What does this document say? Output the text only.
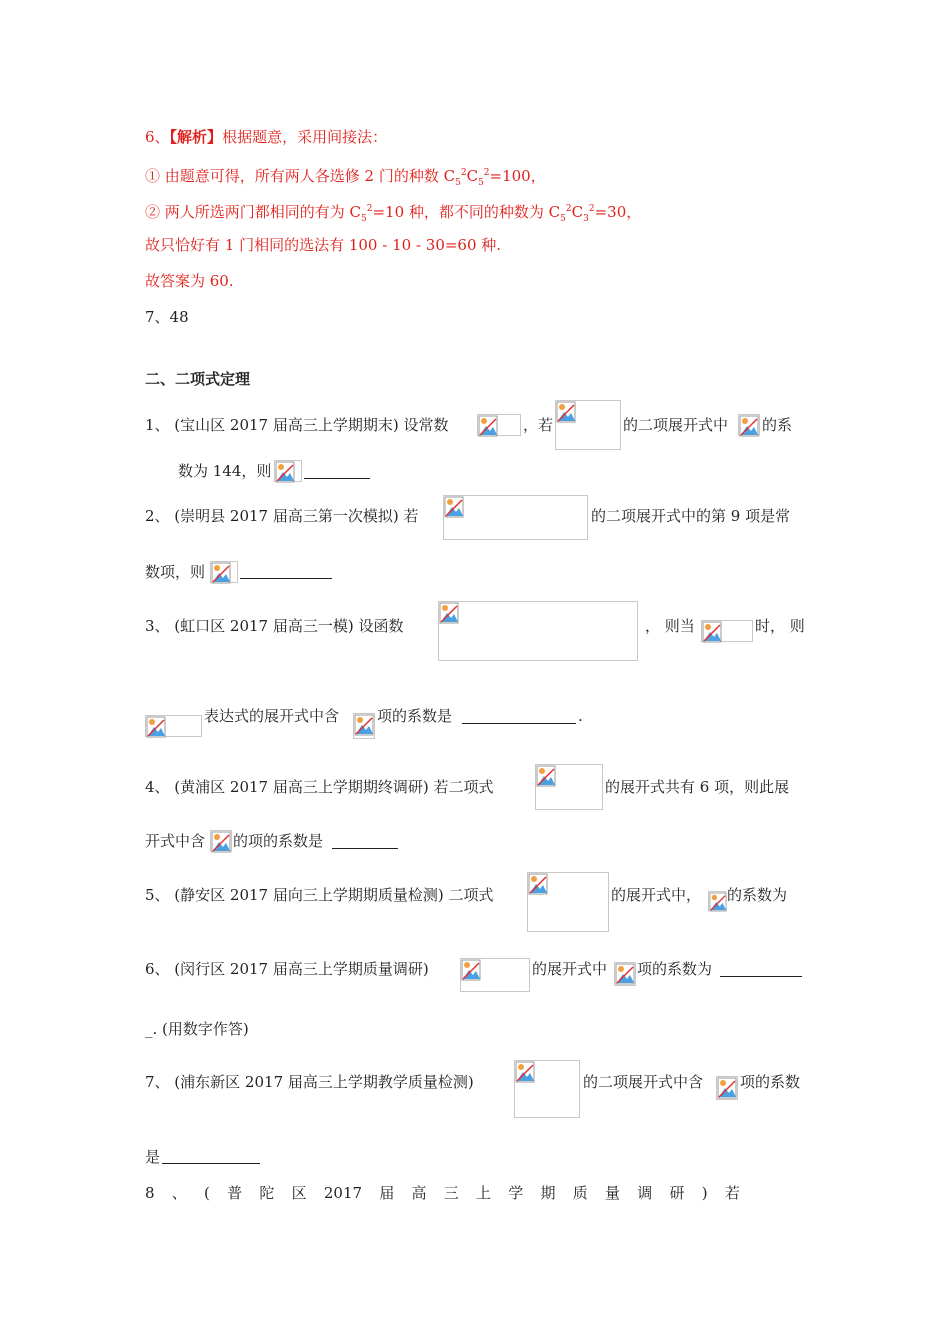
6、【解析】根据题意，采用间接法：
① 由题意可得，所有两人各选修 2 门的种数 $C_5^2C_5^2=100$，
② 两人所选两门都相同的有为 $C_5^2=10$ 种，都不同的种数为 $C_5^2C_3^2=30$，
故只恰好有 1 门相同的选法有 100 - 10 - 30=60 种.
故答案为 60.
7、48
二、二项式定理
1、 (宝山区 2017 届高三上学期期末) 设常数	，若	的二项展开式中 的系
数为 144，则
2、 (崇明县 2017 届高三第一次模拟) 若	的二项展开式中的第 9 项是常
数项，则
3、 (虹口区 2017 届高三一模) 设函数	， 则当	时， 则
表达式的展开式中含	项的系数是	.
4、 (黄浦区 2017 届高三上学期期终调研) 若二项式	的展开式共有 6 项，则此展
开式中含 的项的系数是
5、 (静安区 2017 届向三上学期期质量检测) 二项式	的展开式中， 的系数为
6、 (闵行区 2017 届高三上学期质量调研)	的展开式中 项的系数为
_. (用数字作答)
7、 (浦东新区 2017 届高三上学期教学质量检测)	的二项展开式中含 项的系数
是
8 、 ( 普 陀 区 2017 届 高 三 上 学 期 质 量 调 研 ) 若
